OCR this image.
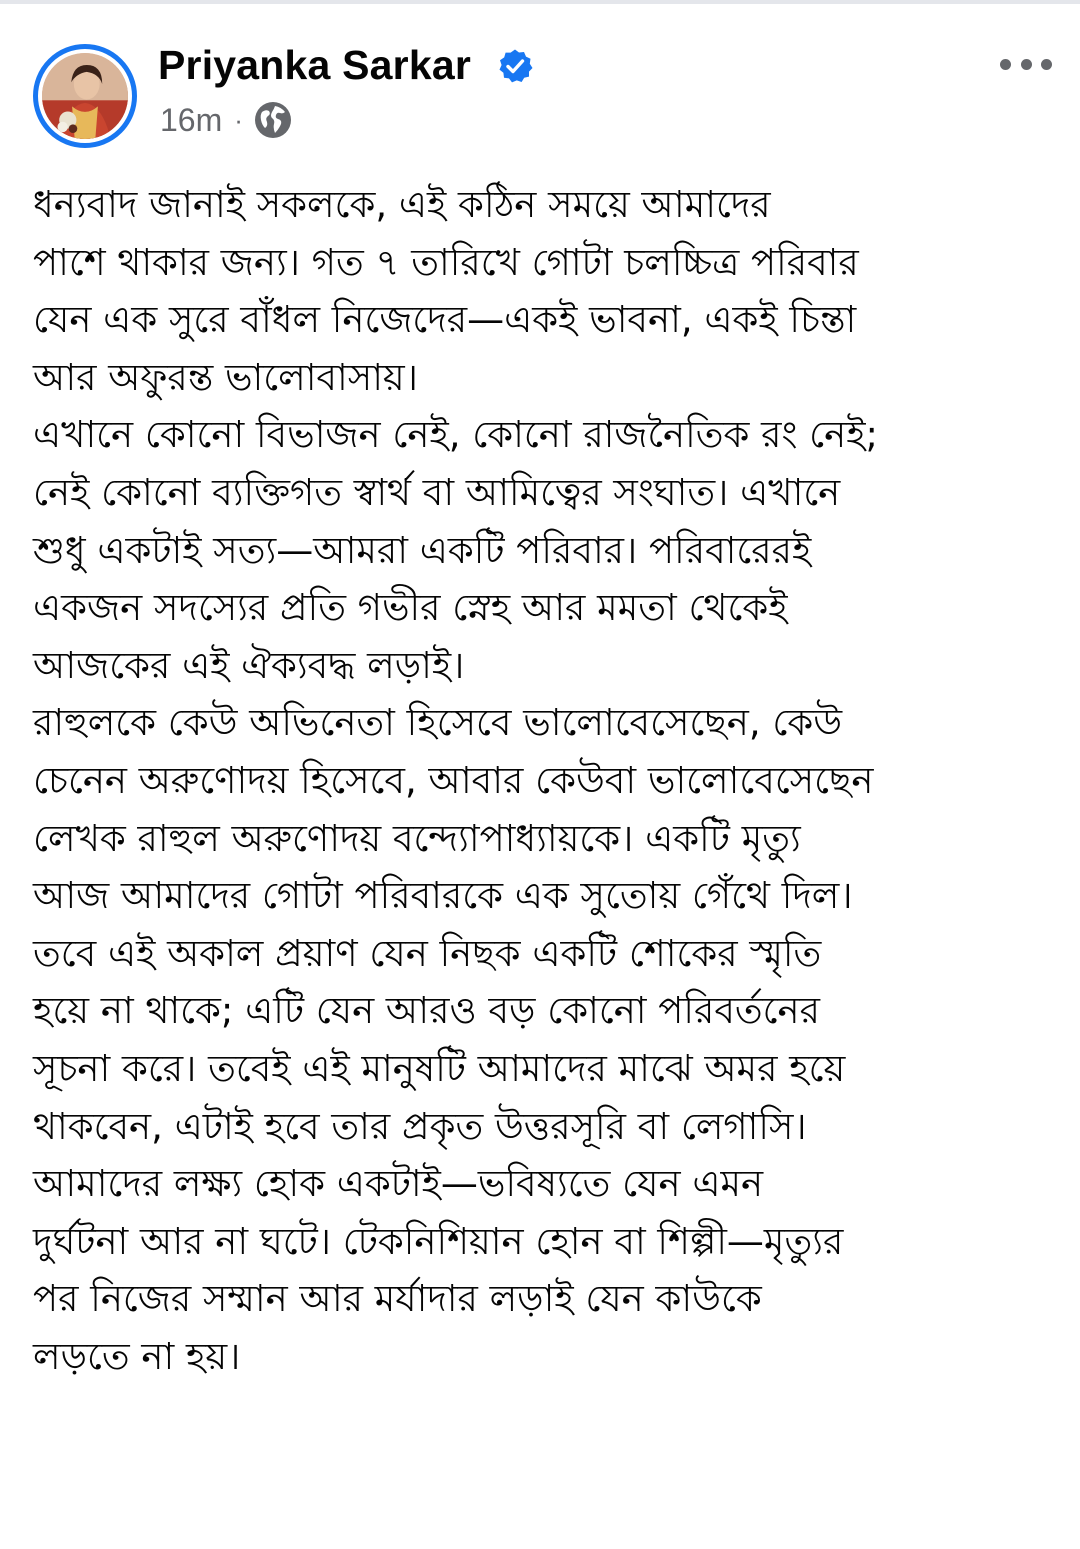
Priyanka Sarkar
16m ·
ধন্যবাদ জানাই সকলকে, এই কঠিন সময়ে আমাদের
পাশে থাকার জন্য। গত ৭ তারিখে গোটা চলচ্চিত্র পরিবার
যেন এক সুরে বাঁধল নিজেদের—একই ভাবনা, একই চিন্তা
আর অফুরন্ত ভালোবাসায়।
এখানে কোনো বিভাজন নেই, কোনো রাজনৈতিক রং নেই;
নেই কোনো ব্যক্তিগত স্বার্থ বা আমিত্বের সংঘাত। এখানে
শুধু একটাই সত্য—আমরা একটি পরিবার। পরিবারেরই
একজন সদস্যের প্রতি গভীর স্নেহ আর মমতা থেকেই
আজকের এই ঐক্যবদ্ধ লড়াই।
রাহুলকে কেউ অভিনেতা হিসেবে ভালোবেসেছেন, কেউ
চেনেন অরুণোদয় হিসেবে, আবার কেউবা ভালোবেসেছেন
লেখক রাহুল অরুণোদয় বন্দ্যোপাধ্যায়কে। একটি মৃত্যু
আজ আমাদের গোটা পরিবারকে এক সুতোয় গেঁথে দিল।
তবে এই অকাল প্রয়াণ যেন নিছক একটি শোকের স্মৃতি
হয়ে না থাকে; এটি যেন আরও বড় কোনো পরিবর্তনের
সূচনা করে। তবেই এই মানুষটি আমাদের মাঝে অমর হয়ে
থাকবেন, এটাই হবে তার প্রকৃত উত্তরসূরি বা লেগাসি।
আমাদের লক্ষ্য হোক একটাই—ভবিষ্যতে যেন এমন
দুর্ঘটনা আর না ঘটে। টেকনিশিয়ান হোন বা শিল্পী—মৃত্যুর
পর নিজের সম্মান আর মর্যাদার লড়াই যেন কাউকে
লড়তে না হয়।
